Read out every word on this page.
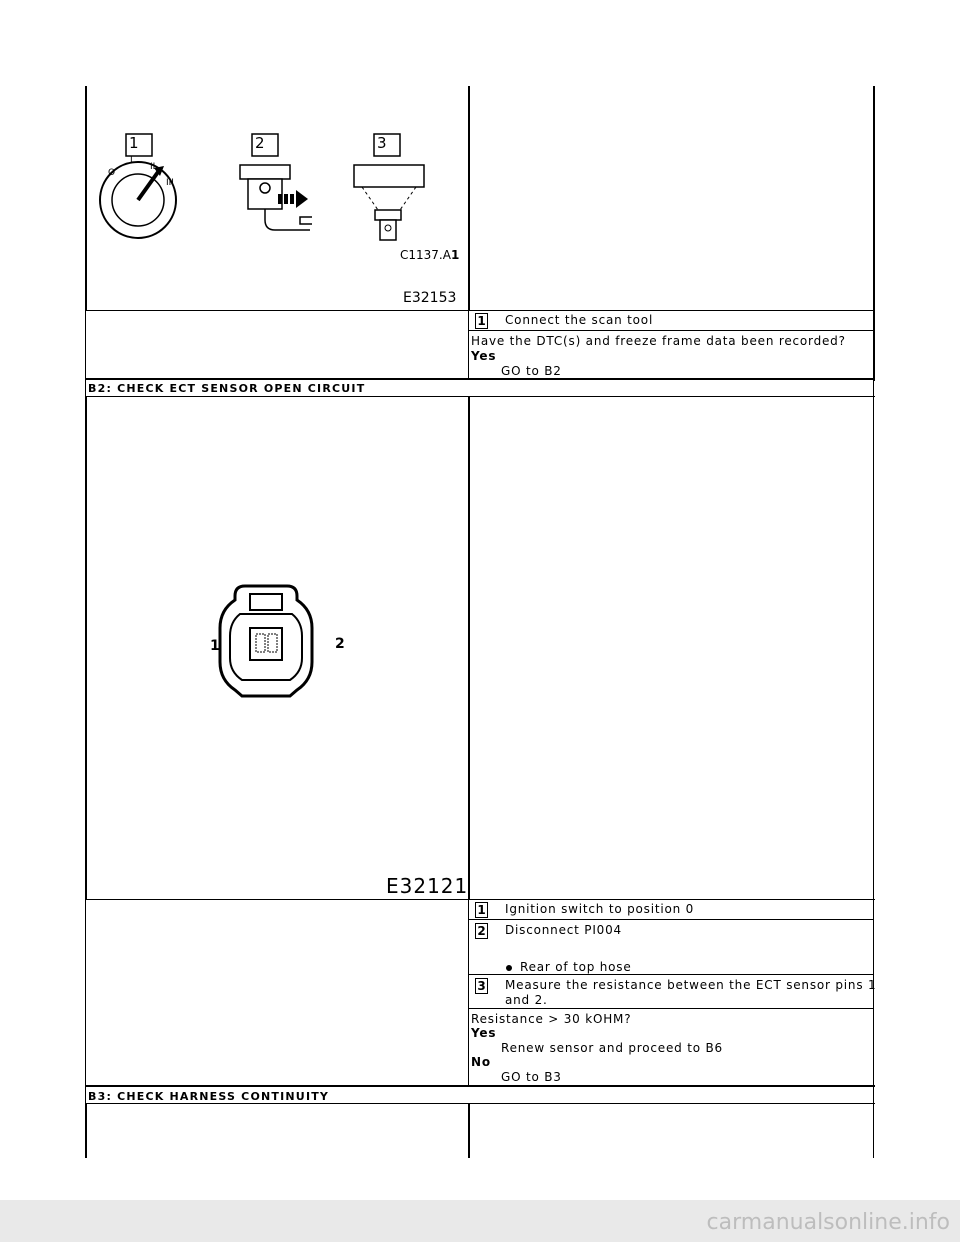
1	2	3
O
I
II
III
C1137.A1
E32153
1 Connect the scan tool
Have the DTC(s) and freeze frame data been recorded?
Yes
GO to B2
B2: CHECK ECT SENSOR OPEN CIRCUIT
1	2
E32121
1 Ignition switch to position 0
2 Disconnect PI004
Rear of top hose
3 Measure the resistance between the ECT sensor pins 1
and 2.
Resistance > 30 kOHM?
Yes
Renew sensor and proceed to B6
No
GO to B3
B3: CHECK HARNESS CONTINUITY
carmanualsonline.info
